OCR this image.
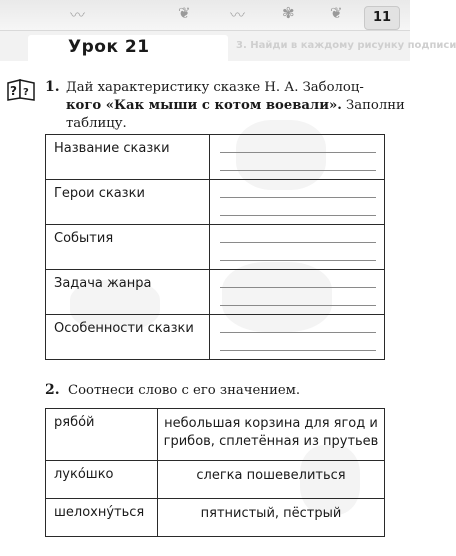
〰	❦	〰 ✾ ❦	11
3. Найди в каждому рисунку подписи
Урок 21
? ? 1. Дай характеристику сказке Н. А. Заболоц-
кого «Как мыши с котом воевали». Заполни
таблицу.
Название сказки	

Герои сказки	

События	

Задача жанра	

Особенности сказки	
2. Соотнеси слово с его значением.
рябо́й	небольшая корзина для ягод и грибов, сплетённая из прутьев
луко́шко	слегка пошевелиться
шелохну́ться	пятнистый, пёстрый
